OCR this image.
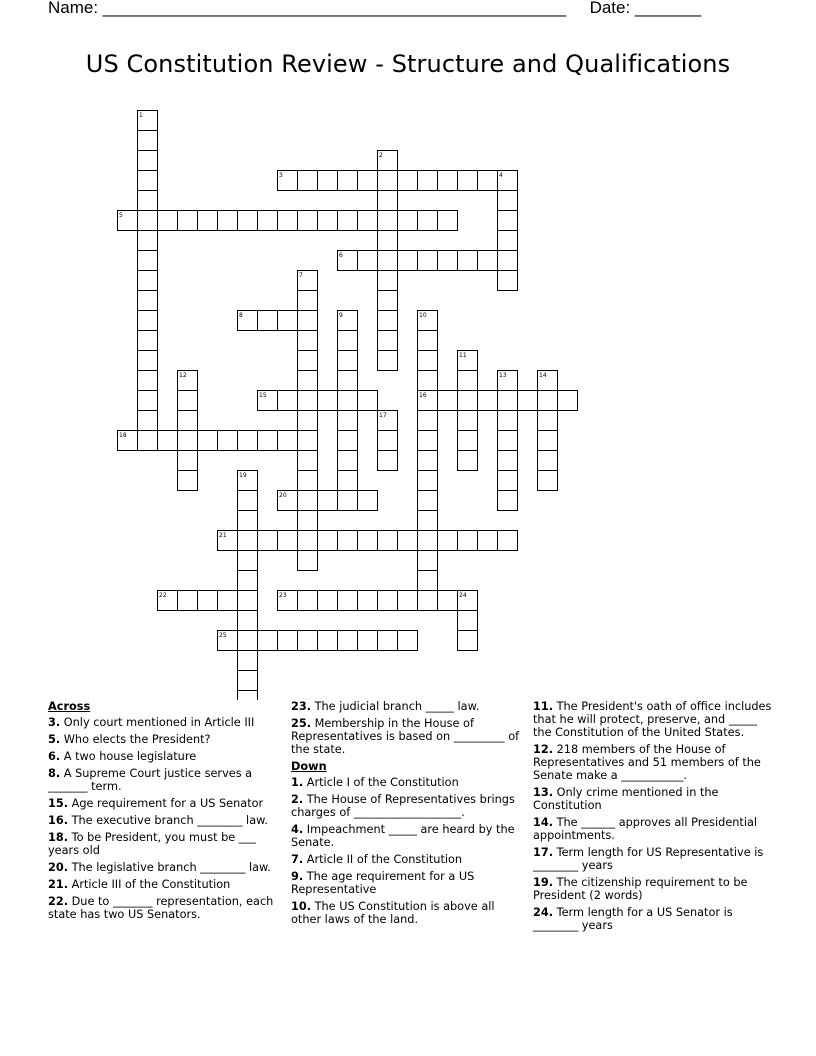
Name: _________________________________________________ Date: _______
US Constitution Review - Structure and Qualifications
1
2
3	4
5
6
7
8	9	10
11
12	13	14
15	16
17
18
19
20
21
22	23	24
25
Across
3. Only court mentioned in Article III
5. Who elects the President?
6. A two house legislature
8. A Supreme Court justice serves a _______ term.
15. Age requirement for a US Senator
16. The executive branch ________ law.
18. To be President, you must be ___ years old
20. The legislative branch ________ law.
21. Article III of the Constitution
22. Due to _______ representation, each state has two US Senators.
23. The judicial branch _____ law.
25. Membership in the House of Representatives is based on _________ of the state.
Down
1. Article I of the Constitution
2. The House of Representatives brings charges of ___________________.
4. Impeachment _____ are heard by the Senate.
7. Article II of the Constitution
9. The age requirement for a US Representative
10. The US Constitution is above all other laws of the land.
11. The President's oath of office includes that he will protect, preserve, and _____ the Constitution of the United States.
12. 218 members of the House of Representatives and 51 members of the Senate make a ___________.
13. Only crime mentioned in the Constitution
14. The ______ approves all Presidential appointments.
17. Term length for US Representative is ________ years
19. The citizenship requirement to be President (2 words)
24. Term length for a US Senator is ________ years
